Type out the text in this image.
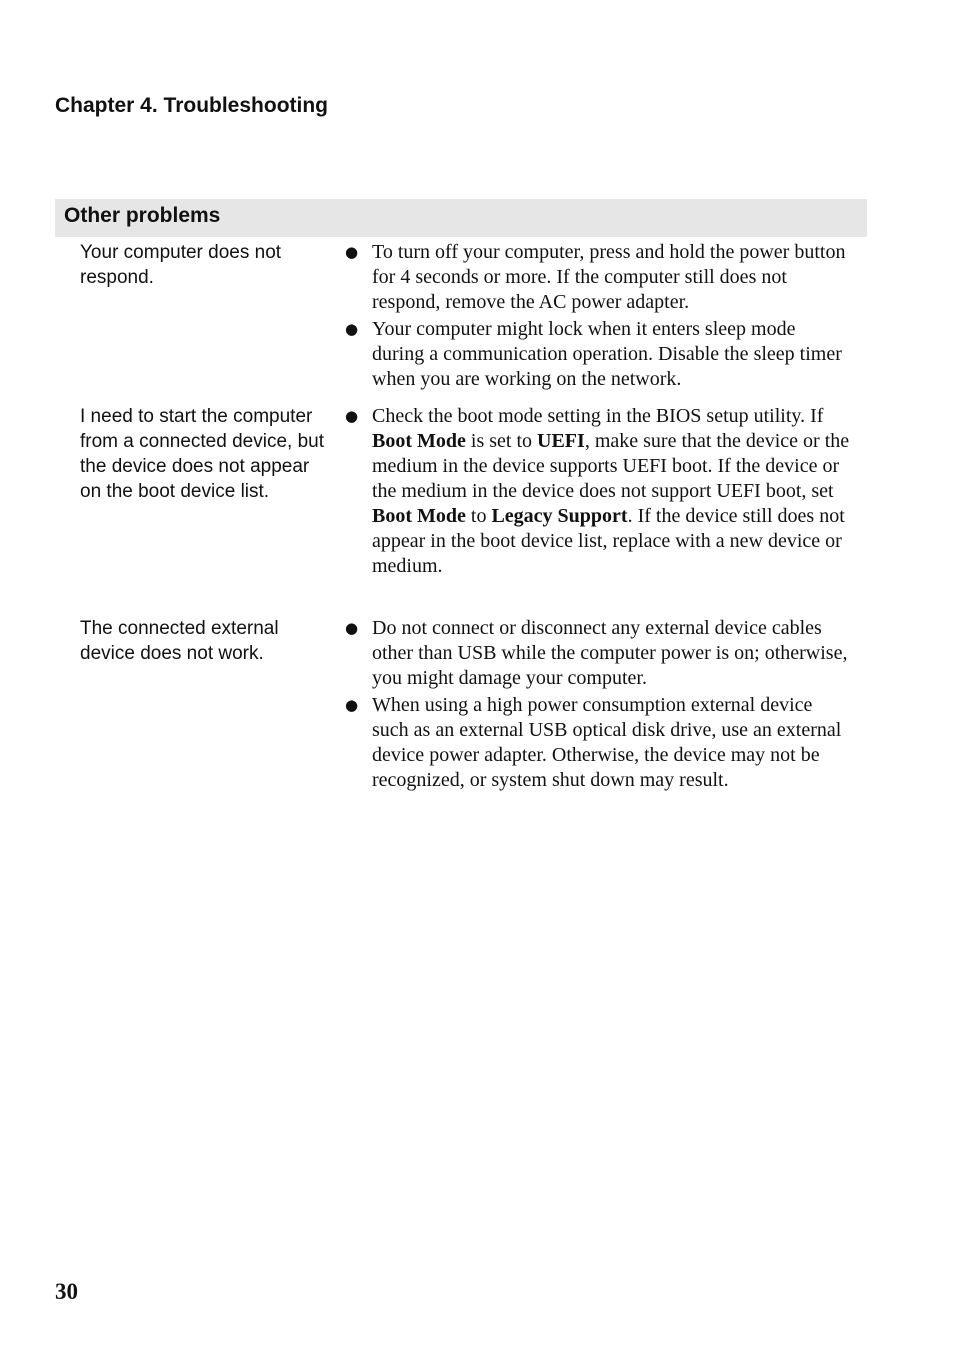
Chapter 4. Troubleshooting
Other problems
Your computer does not respond.
● To turn off your computer, press and hold the power button for 4 seconds or more. If the computer still does not respond, remove the AC power adapter.
● Your computer might lock when it enters sleep mode during a communication operation. Disable the sleep timer when you are working on the network.
I need to start the computer from a connected device, but the device does not appear on the boot device list.
● Check the boot mode setting in the BIOS setup utility. If Boot Mode is set to UEFI, make sure that the device or the medium in the device supports UEFI boot. If the device or the medium in the device does not support UEFI boot, set Boot Mode to Legacy Support. If the device still does not appear in the boot device list, replace with a new device or medium.
The connected external device does not work.
● Do not connect or disconnect any external device cables other than USB while the computer power is on; otherwise, you might damage your computer.
● When using a high power consumption external device such as an external USB optical disk drive, use an external device power adapter. Otherwise, the device may not be recognized, or system shut down may result.
30
